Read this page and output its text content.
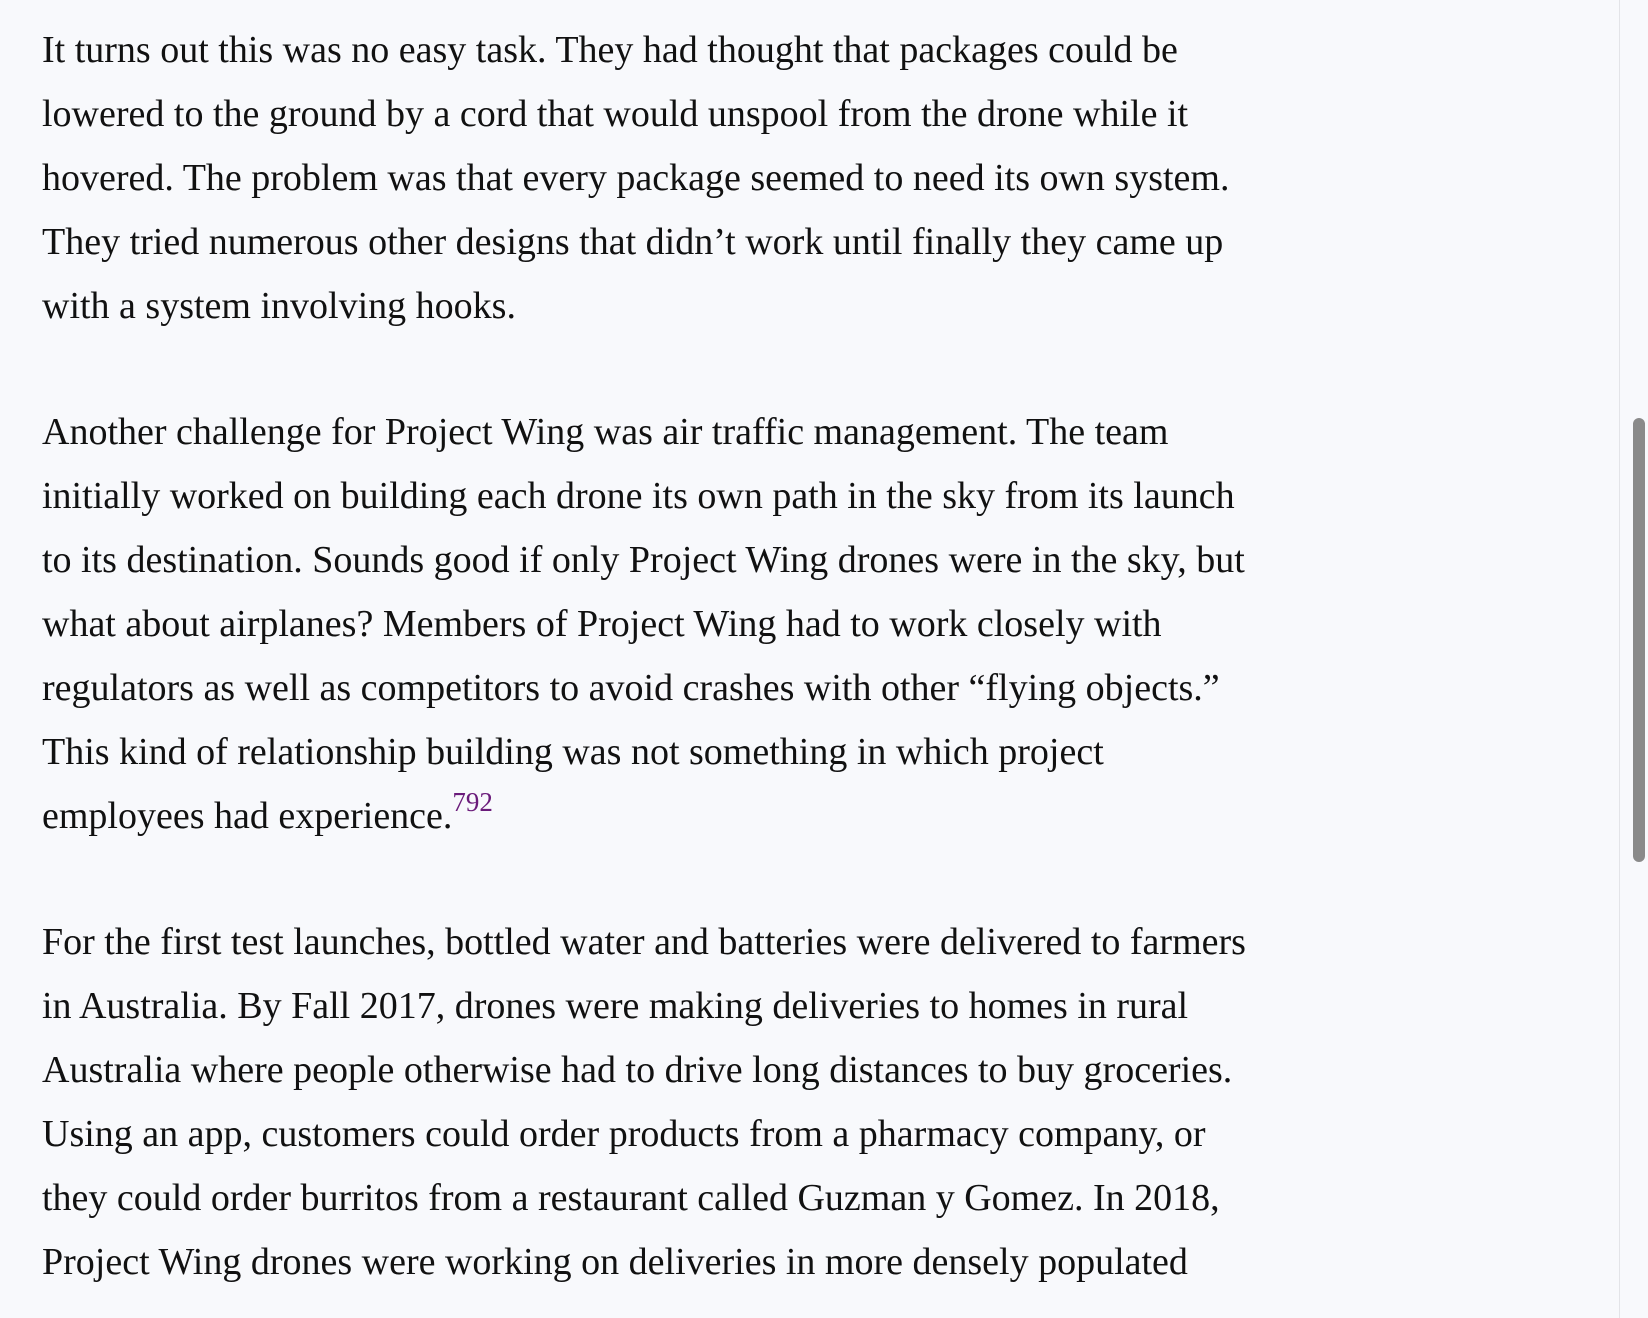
It turns out this was no easy task. They had thought that packages could be
lowered to the ground by a cord that would unspool from the drone while it
hovered. The problem was that every package seemed to need its own system.
They tried numerous other designs that didn’t work until finally they came up
with a system involving hooks.

Another challenge for Project Wing was air traffic management. The team
initially worked on building each drone its own path in the sky from its launch
to its destination. Sounds good if only Project Wing drones were in the sky, but
what about airplanes? Members of Project Wing had to work closely with
regulators as well as competitors to avoid crashes with other “flying objects.”
This kind of relationship building was not something in which project
employees had experience.$^{792}$

For the first test launches, bottled water and batteries were delivered to farmers
in Australia. By Fall 2017, drones were making deliveries to homes in rural
Australia where people otherwise had to drive long distances to buy groceries.
Using an app, customers could order products from a pharmacy company, or
they could order burritos from a restaurant called Guzman y Gomez. In 2018,
Project Wing drones were working on deliveries in more densely populated
